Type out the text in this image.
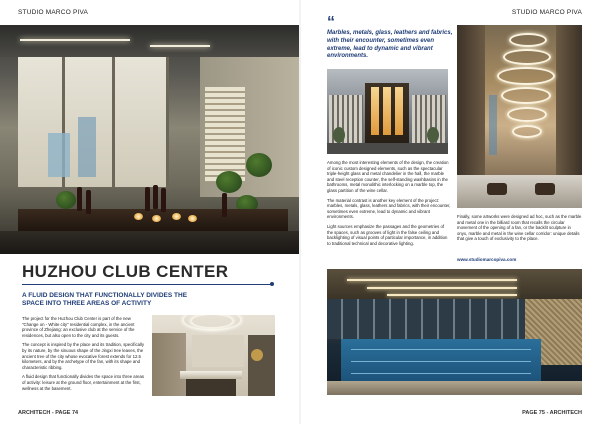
STUDIO MARCO PIVA
HUZHOU CLUB CENTER
A FLUID DESIGN THAT FUNCTIONALLY DIVIDES THE SPACE INTO THREE AREAS OF ACTIVITY

The project for the Huzhou Club Center is part of the new "Change on - White city" residential complex, in the ancient province of Zhejiang: an exclusive club at the service of the residences, but also open to the city and its guests.

The concept is inspired by the place and its tradition, specifically by its nature, by the sinuous shape of the Jingxi tree leaves, the ancient tree of the city whose evocative forest extends for 12.5 kilometers, and by the archetype of the fan, with its shape and characteristic ribbing.

A fluid design that functionally divides the space into three areas of activity: leisure at the ground floor, entertainment at the first, wellness at the basement.

ARCHITECH - PAGE 74
STUDIO MARCO PIVA
“
Marbles, metals, glass, leathers and fabrics, with their encounter, sometimes even extreme, lead to dynamic and vibrant environments.

Among the most interesting elements of the design, the creation of iconic custom designed elements, such as the spectacular triple-height glass and metal chandelier in the hall, the marble and steel reception counter, the self-standing washbasins in the bathrooms, metal monolithic interlocking on a marble top, the glass partition of the wine cellar.

The material contrast is another key element of the project: marbles, metals, glass, leathers and fabrics, with their encounter, sometimes even extreme, lead to dynamic and vibrant environments.

Light sources emphasize the passages and the geometries of the spaces, such as grooves of light in the false ceiling and backlighting of visual points of particular importance, in addition to traditional technical and decorative lighting.

Finally, some artworks were designed ad hoc, such as the marble and metal one in the billiard room that recalls the circular movement of the opening of a fan, or the backlit sculpture in onyx, marble and metal in the wine cellar corridor: unique details that give a touch of exclusivity to the place.

www.studiomarcopiva.com
PAGE 75 - ARCHITECH
